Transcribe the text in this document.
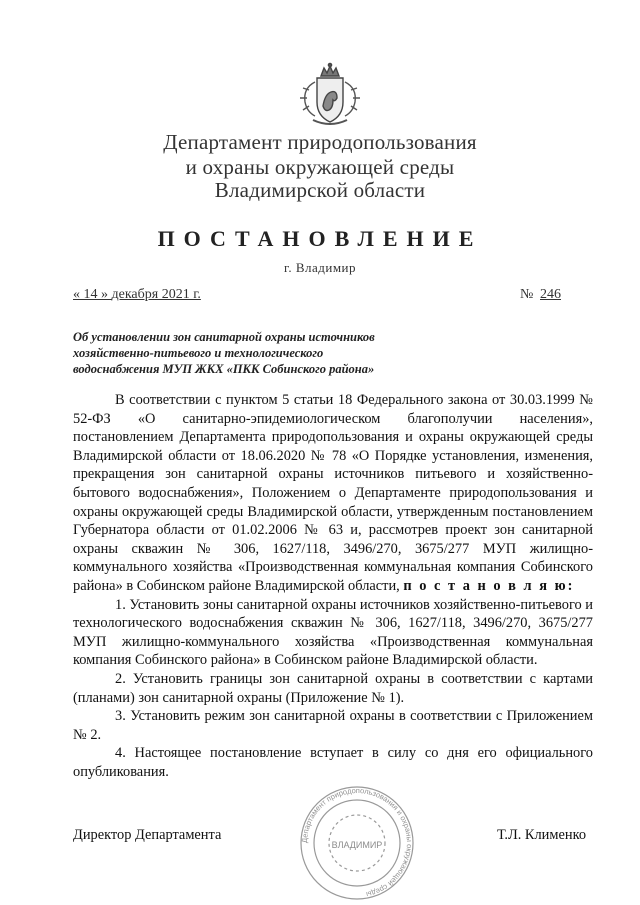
Департамент природопользования
и охраны окружающей среды
Владимирской области
ПОСТАНОВЛЕНИЕ
г. Владимир
« 14 » декабря 2021 г.	№ 246
Об установлении зон санитарной охраны источников
хозяйственно-питьевого и технологического
водоснабжения МУП ЖКХ «ПКК Собинского района»

В соответствии с пунктом 5 статьи 18 Федерального закона от 30.03.1999 № 52-ФЗ «О санитарно-эпидемиологическом благополучии населения», постановлением Департамента природопользования и охраны окружающей среды Владимирской области от 18.06.2020 № 78 «О Порядке установления, изменения, прекращения зон санитарной охраны источников питьевого и хозяйственно-бытового водоснабжения», Положением о Департаменте природопользования и охраны окружающей среды Владимирской области, утвержденным постановлением Губернатора области от 01.02.2006 № 63 и, рассмотрев проект зон санитарной охраны скважин № 306, 1627/118, 3496/270, 3675/277 МУП жилищно-коммунального хозяйства «Производственная коммунальная компания Собинского района» в Собинском районе Владимирской области, п о с т а н о в л я ю:

1. Установить зоны санитарной охраны источников хозяйственно-питьевого и технологического водоснабжения скважин № 306, 1627/118, 3496/270, 3675/277 МУП жилищно-коммунального хозяйства «Производственная коммунальная компания Собинского района» в Собинском районе Владимирской области.

2. Установить границы зон санитарной охраны в соответствии с картами (планами) зон санитарной охраны (Приложение № 1).

3. Установить режим зон санитарной охраны в соответствии с Приложением № 2.

4. Настоящее постановление вступает в силу со дня его официального опубликования.

Директор Департамента	Т.Л. Клименко
Департамент природопользования и охраны окружающей среды
ВЛАДИМИР
